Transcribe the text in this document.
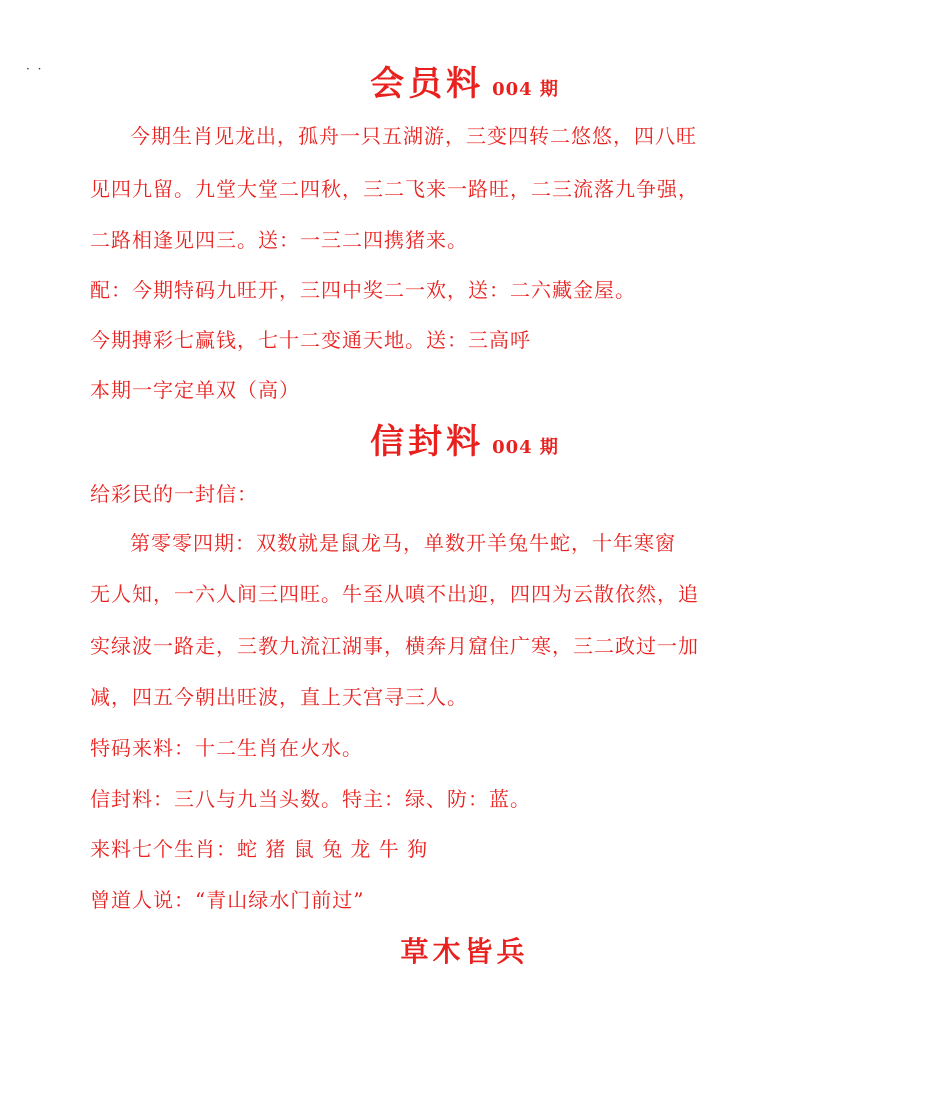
· ·	会员料 004 期
今期生肖见龙出，孤舟一只五湖游，三变四转二悠悠，四八旺
见四九留。九堂大堂二四秋，三二飞来一路旺，二三流落九争强，
二路相逢见四三。送：一三二四携猪来。
配：今期特码九旺开，三四中奖二一欢，送：二六藏金屋。
今期搏彩七赢钱，七十二变通天地。送：三高呼
本期一字定单双（高）
信封料 004 期
给彩民的一封信：
第零零四期：双数就是鼠龙马，单数开羊兔牛蛇，十年寒窗
无人知，一六人间三四旺。牛至从嗔不出迎，四四为云散依然，追
实绿波一路走，三教九流江湖事，横奔月窟住广寒，三二政过一加
减，四五今朝出旺波，直上天宫寻三人。
特码来料：十二生肖在火水。
信封料：三八与九当头数。特主：绿、防：蓝。
来料七个生肖：蛇 猪 鼠 兔 龙 牛 狗
曾道人说：“青山绿水门前过”
草木皆兵
